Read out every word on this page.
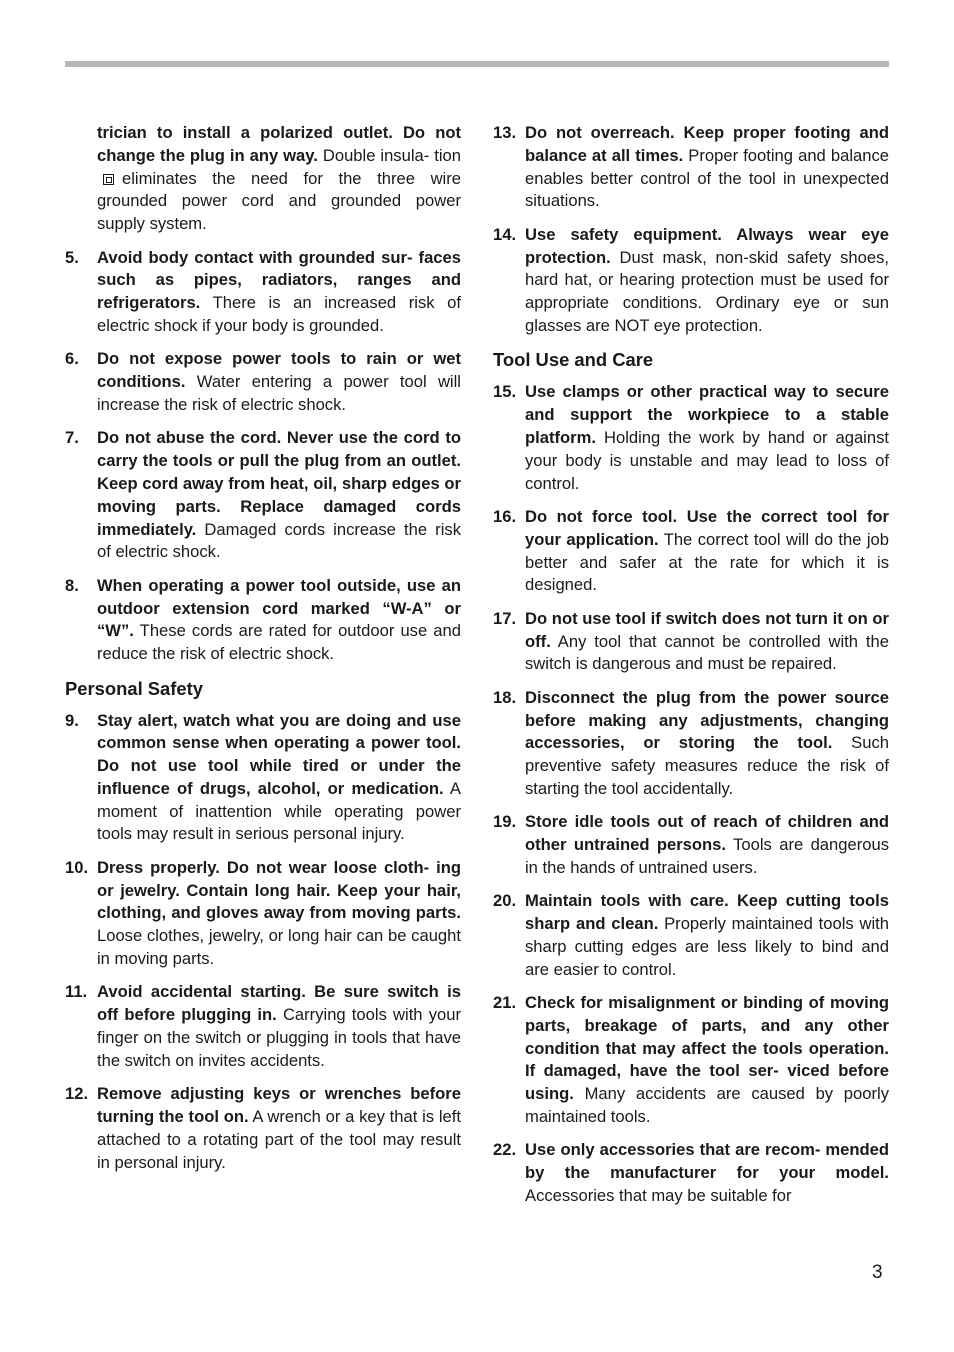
trician to install a polarized outlet. Do not change the plug in any way. Double insula- tioneliminates the need for the three wire grounded power cord and grounded power supply system.
5. Avoid body contact with grounded sur- faces such as pipes, radiators, ranges and refrigerators. There is an increased risk of electric shock if your body is grounded.
6. Do not expose power tools to rain or wet conditions. Water entering a power tool will increase the risk of electric shock.
7. Do not abuse the cord. Never use the cord to carry the tools or pull the plug from an outlet. Keep cord away from heat, oil, sharp edges or moving parts. Replace damaged cords immediately. Damaged cords increase the risk of electric shock.
8. When operating a power tool outside, use an outdoor extension cord marked “W-A” or “W”. These cords are rated for outdoor use and reduce the risk of electric shock.
Personal Safety
9. Stay alert, watch what you are doing and use common sense when operating a power tool. Do not use tool while tired or under the influence of drugs, alcohol, or medication. A moment of inattention while operating power tools may result in serious personal injury.
10. Dress properly. Do not wear loose cloth- ing or jewelry. Contain long hair. Keep your hair, clothing, and gloves away from moving parts. Loose clothes, jewelry, or long hair can be caught in moving parts.
11. Avoid accidental starting. Be sure switch is off before plugging in. Carrying tools with your finger on the switch or plugging in tools that have the switch on invites accidents.
12. Remove adjusting keys or wrenches before turning the tool on. A wrench or a key that is left attached to a rotating part of the tool may result in personal injury.
13. Do not overreach. Keep proper footing and balance at all times. Proper footing and balance enables better control of the tool in unexpected situations.
14. Use safety equipment. Always wear eye protection. Dust mask, non-skid safety shoes, hard hat, or hearing protection must be used for appropriate conditions. Ordinary eye or sun glasses are NOT eye protection.
Tool Use and Care
15. Use clamps or other practical way to secure and support the workpiece to a stable platform. Holding the work by hand or against your body is unstable and may lead to loss of control.
16. Do not force tool. Use the correct tool for your application. The correct tool will do the job better and safer at the rate for which it is designed.
17. Do not use tool if switch does not turn it on or off. Any tool that cannot be controlled with the switch is dangerous and must be repaired.
18. Disconnect the plug from the power source before making any adjustments, changing accessories, or storing the tool. Such preventive safety measures reduce the risk of starting the tool accidentally.
19. Store idle tools out of reach of children and other untrained persons. Tools are dangerous in the hands of untrained users.
20. Maintain tools with care. Keep cutting tools sharp and clean. Properly maintained tools with sharp cutting edges are less likely to bind and are easier to control.
21. Check for misalignment or binding of moving parts, breakage of parts, and any other condition that may affect the tools operation. If damaged, have the tool ser- viced before using. Many accidents are caused by poorly maintained tools.
22. Use only accessories that are recom- mended by the manufacturer for your model. Accessories that may be suitable for
3
